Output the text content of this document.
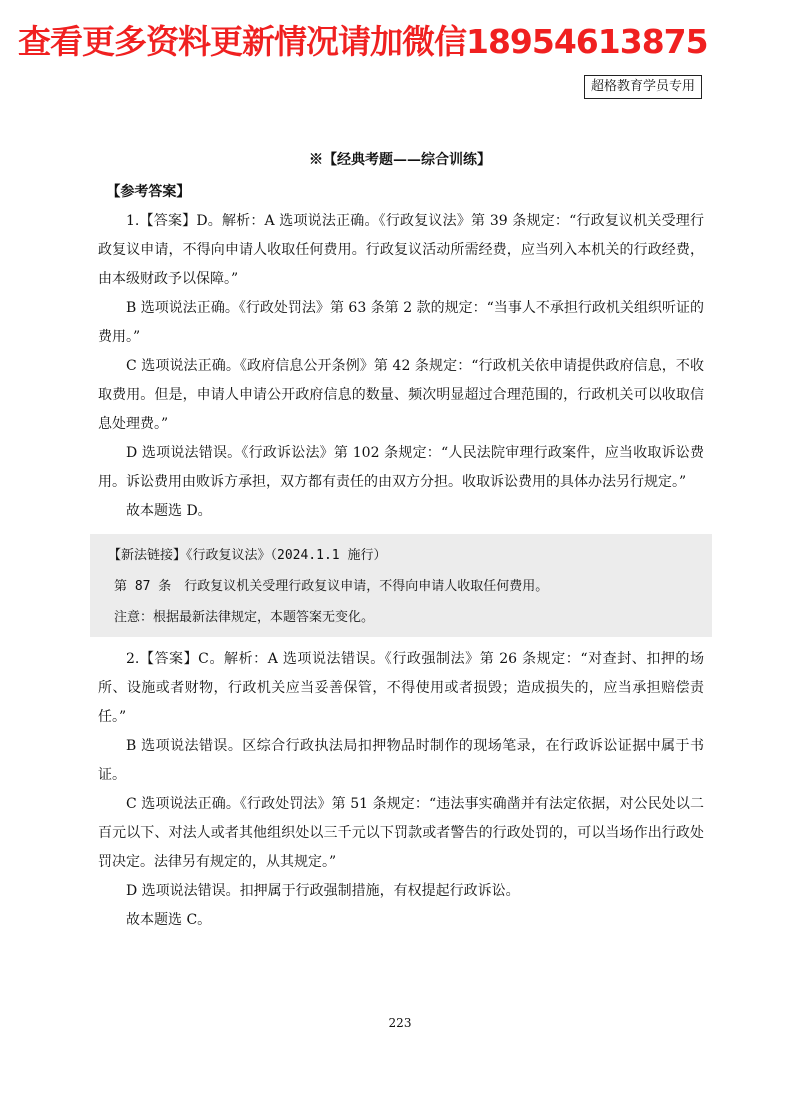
查看更多资料更新情况请加微信18954613875
超格教育学员专用
※【经典考题——综合训练】

【参考答案】

1.【答案】D。解析：A 选项说法正确。《行政复议法》第 39 条规定：“行政复议机关受理行政复议申请，不得向申请人收取任何费用。行政复议活动所需经费，应当列入本机关的行政经费，由本级财政予以保障。”

B 选项说法正确。《行政处罚法》第 63 条第 2 款的规定：“当事人不承担行政机关组织听证的费用。”

C 选项说法正确。《政府信息公开条例》第 42 条规定：“行政机关依申请提供政府信息，不收取费用。但是，申请人申请公开政府信息的数量、频次明显超过合理范围的，行政机关可以收取信息处理费。”

D 选项说法错误。《行政诉讼法》第 102 条规定：“人民法院审理行政案件，应当收取诉讼费用。诉讼费用由败诉方承担，双方都有责任的由双方分担。收取诉讼费用的具体办法另行规定。”

故本题选 D。

【新法链接】《行政复议法》（2024.1.1 施行）
第 87 条　行政复议机关受理行政复议申请，不得向申请人收取任何费用。
注意：根据最新法律规定，本题答案无变化。

2.【答案】C。解析：A 选项说法错误。《行政强制法》第 26 条规定：“对查封、扣押的场所、设施或者财物，行政机关应当妥善保管，不得使用或者损毁；造成损失的，应当承担赔偿责任。”

B 选项说法错误。区综合行政执法局扣押物品时制作的现场笔录，在行政诉讼证据中属于书证。

C 选项说法正确。《行政处罚法》第 51 条规定：“违法事实确凿并有法定依据，对公民处以二百元以下、对法人或者其他组织处以三千元以下罚款或者警告的行政处罚的，可以当场作出行政处罚决定。法律另有规定的，从其规定。”

D 选项说法错误。扣押属于行政强制措施，有权提起行政诉讼。

故本题选 C。

223
